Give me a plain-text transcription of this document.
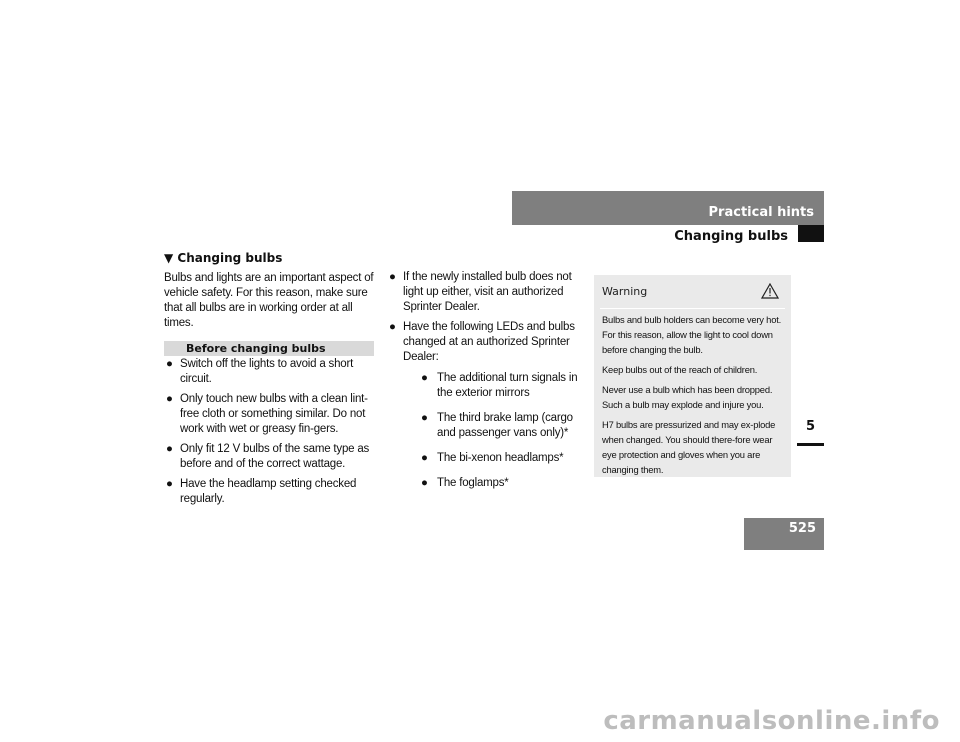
Practical hints
Changing bulbs
5
▼ Changing bulbs

Bulbs and lights are an important aspect of vehicle safety. For this reason, make sure that all bulbs are in working order at all times.

Before changing bulbs
● Switch off the lights to avoid a short circuit.
● Only touch new bulbs with a clean lint-free cloth or something similar. Do not work with wet or greasy fin-gers.
● Only fit 12 V bulbs of the same type as before and of the correct wattage.
● Have the headlamp setting checked regularly.
● If the newly installed bulb does not light up either, visit an authorized Sprinter Dealer.
● Have the following LEDs and bulbs changed at an authorized Sprinter Dealer:
● The additional turn signals in the exterior mirrors
● The third brake lamp (cargo and passenger vans only)*
● The bi-xenon headlamps*
● The foglamps*
Warning

Bulbs and bulb holders can become very hot. For this reason, allow the light to cool down before changing the bulb.

Keep bulbs out of the reach of children.

Never use a bulb which has been dropped. Such a bulb may explode and injure you.

H7 bulbs are pressurized and may ex-plode when changed. You should there-fore wear eye protection and gloves when you are changing them.

525
carmanualsonline.info
